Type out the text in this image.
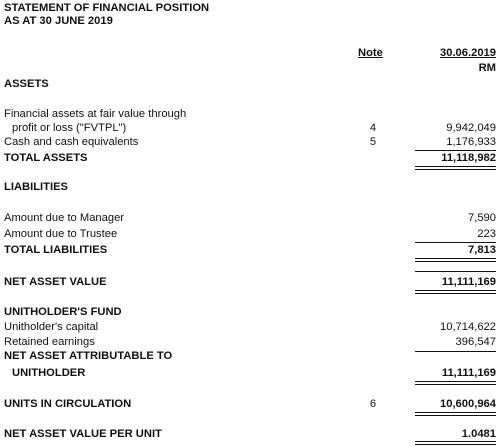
STATEMENT OF FINANCIAL POSITION
AS AT 30 JUNE 2019
Note	30.06.2019
RM
ASSETS
Financial assets at fair value through
profit or loss ("FVTPL")	4	9,942,049
Cash and cash equivalents	5	1,176,933
TOTAL ASSETS	11,118,982
LIABILITIES
Amount due to Manager	7,590
Amount due to Trustee	223
TOTAL LIABILITIES	7,813
NET ASSET VALUE	11,111,169
UNITHOLDER'S FUND
Unitholder's capital	10,714,622
Retained earnings	396,547
NET ASSET ATTRIBUTABLE TO
UNITHOLDER	11,111,169
UNITS IN CIRCULATION	6	10,600,964
NET ASSET VALUE PER UNIT	1.0481
